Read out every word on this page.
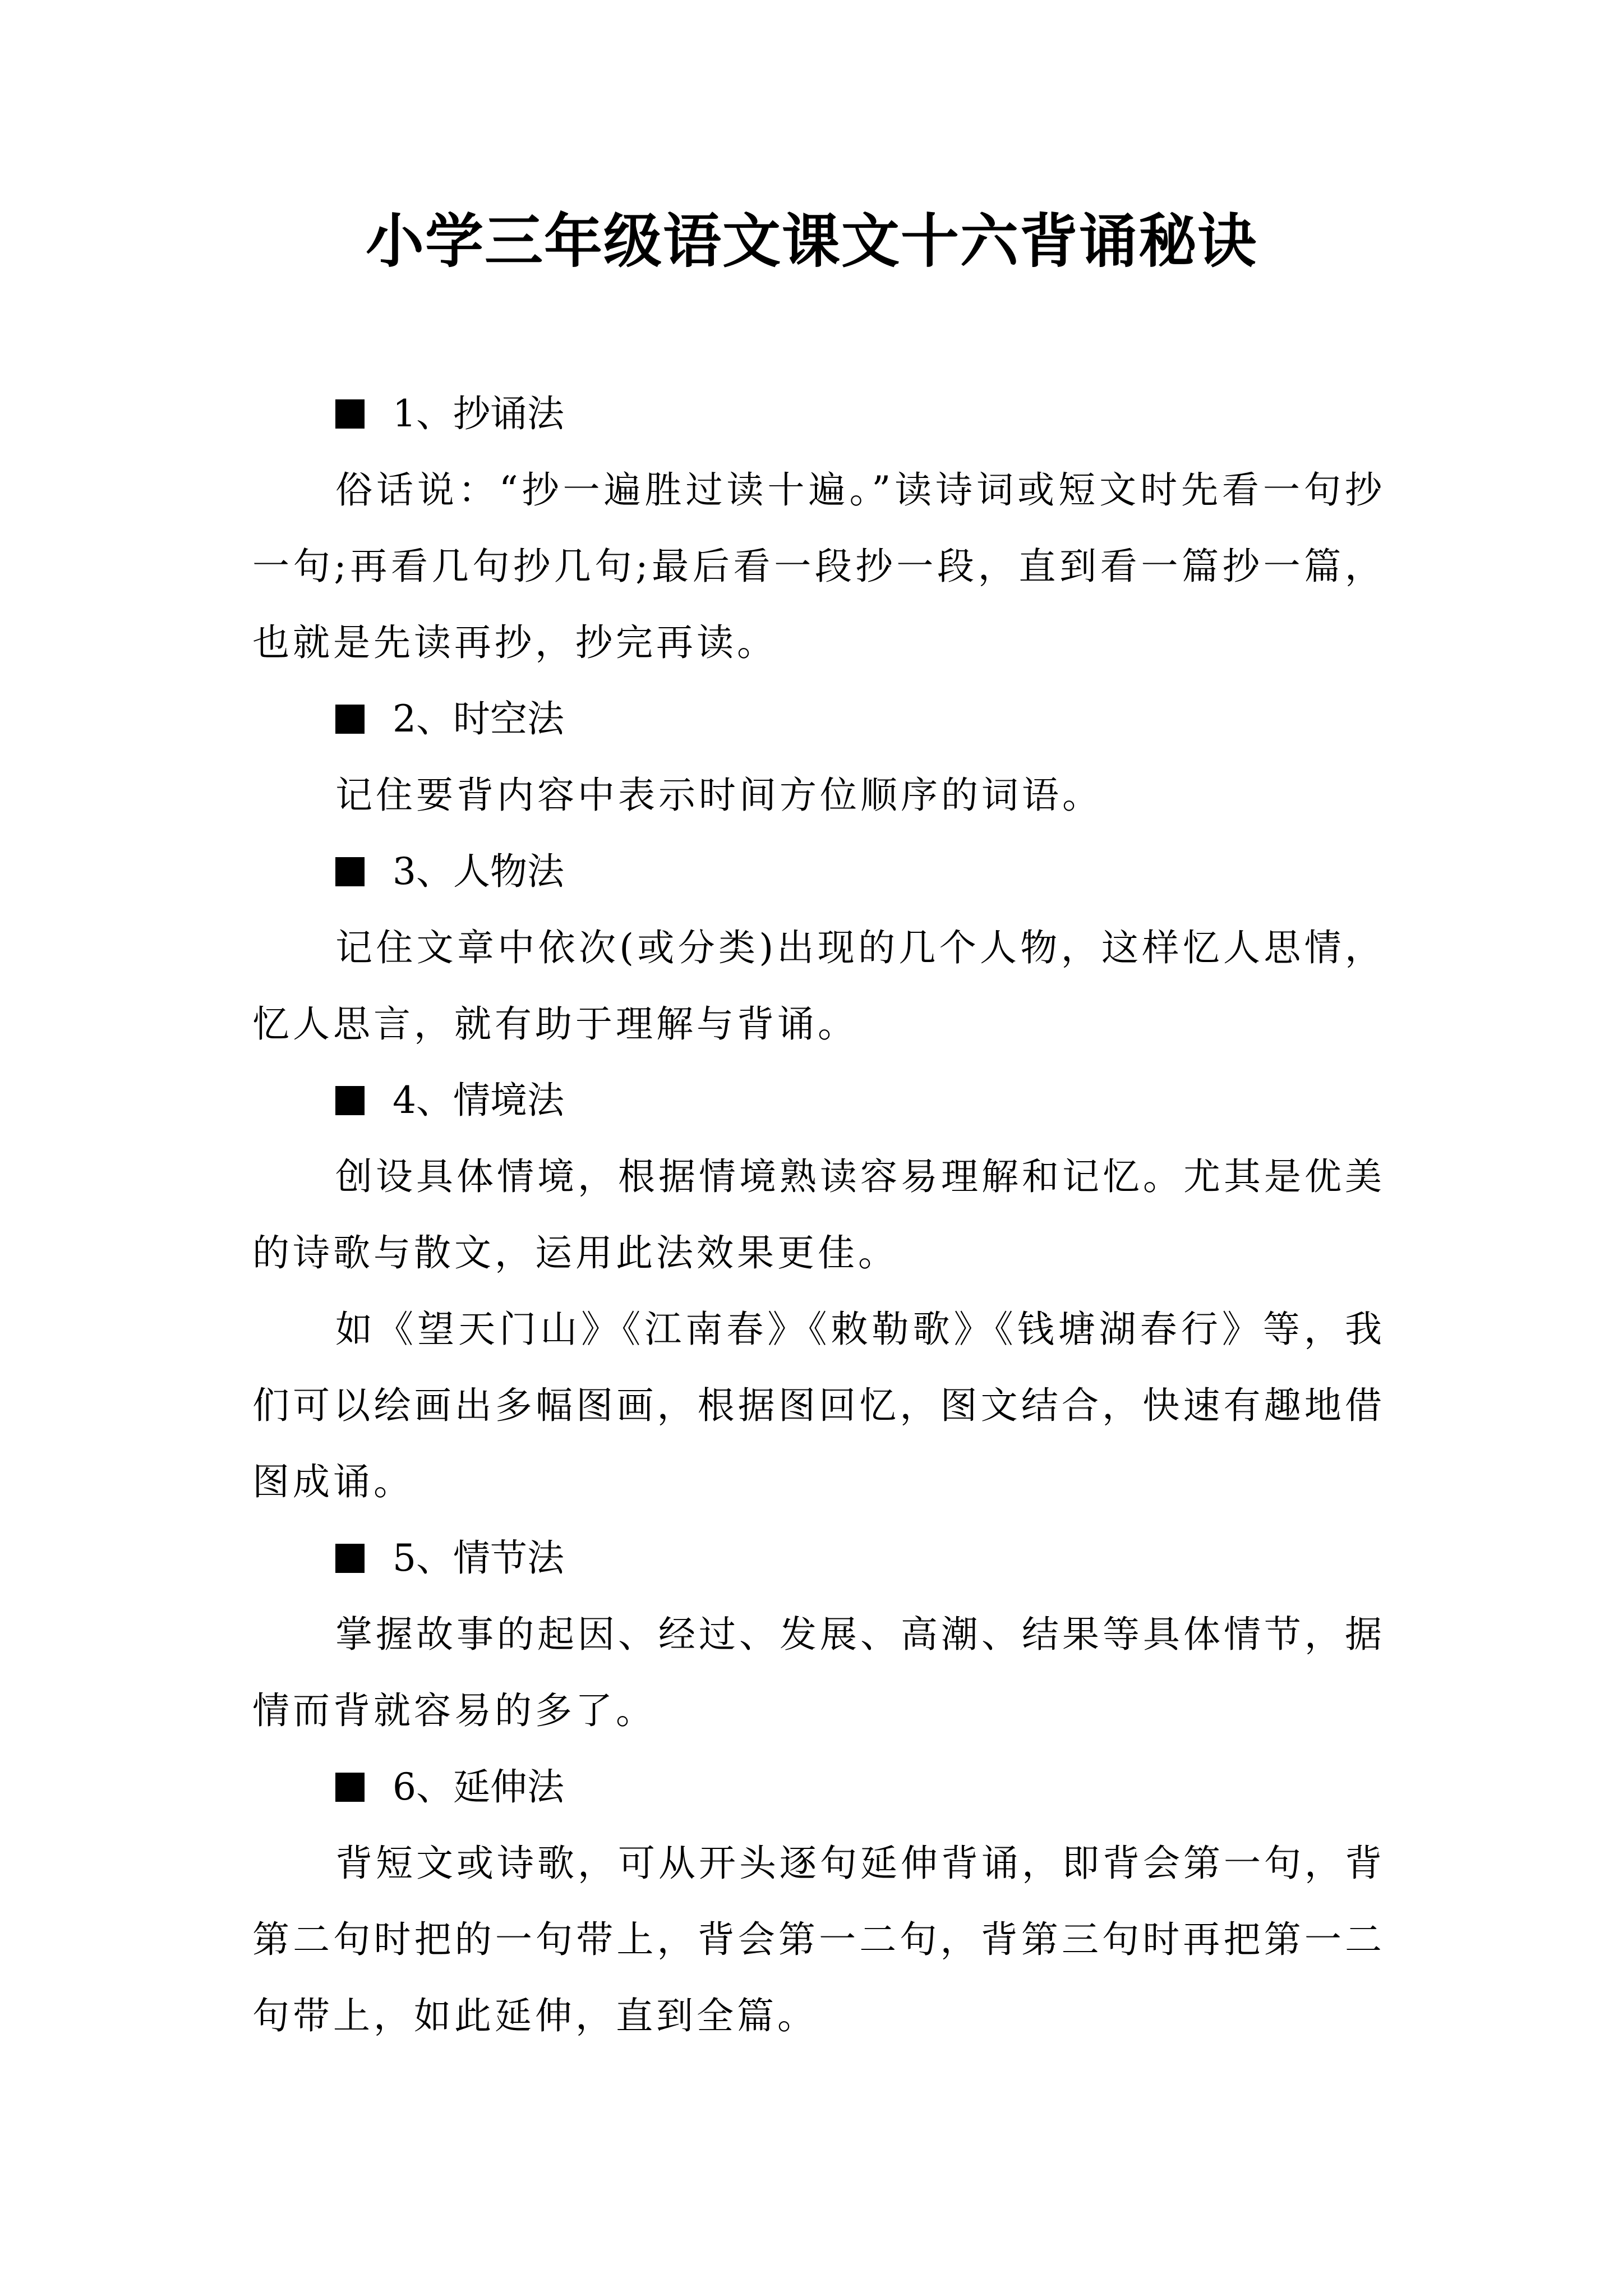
小学三年级语文课文十六背诵秘诀
1、抄诵法

俗话说：“抄一遍胜过读十遍。”读诗词或短文时先看一句抄一句;再看几句抄几句;最后看一段抄一段，直到看一篇抄一篇，也就是先读再抄，抄完再读。

2、时空法

记住要背内容中表示时间方位顺序的词语。

3、人物法

记住文章中依次(或分类)出现的几个人物，这样忆人思情，忆人思言，就有助于理解与背诵。

4、情境法

创设具体情境，根据情境熟读容易理解和记忆。尤其是优美的诗歌与散文，运用此法效果更佳。

如《望天门山》《江南春》《敕勒歌》《钱塘湖春行》等，我们可以绘画出多幅图画，根据图回忆，图文结合，快速有趣地借图成诵。

5、情节法

掌握故事的起因、经过、发展、高潮、结果等具体情节，据情而背就容易的多了。

6、延伸法

背短文或诗歌，可从开头逐句延伸背诵，即背会第一句，背第二句时把的一句带上，背会第一二句，背第三句时再把第一二句带上，如此延伸，直到全篇。
